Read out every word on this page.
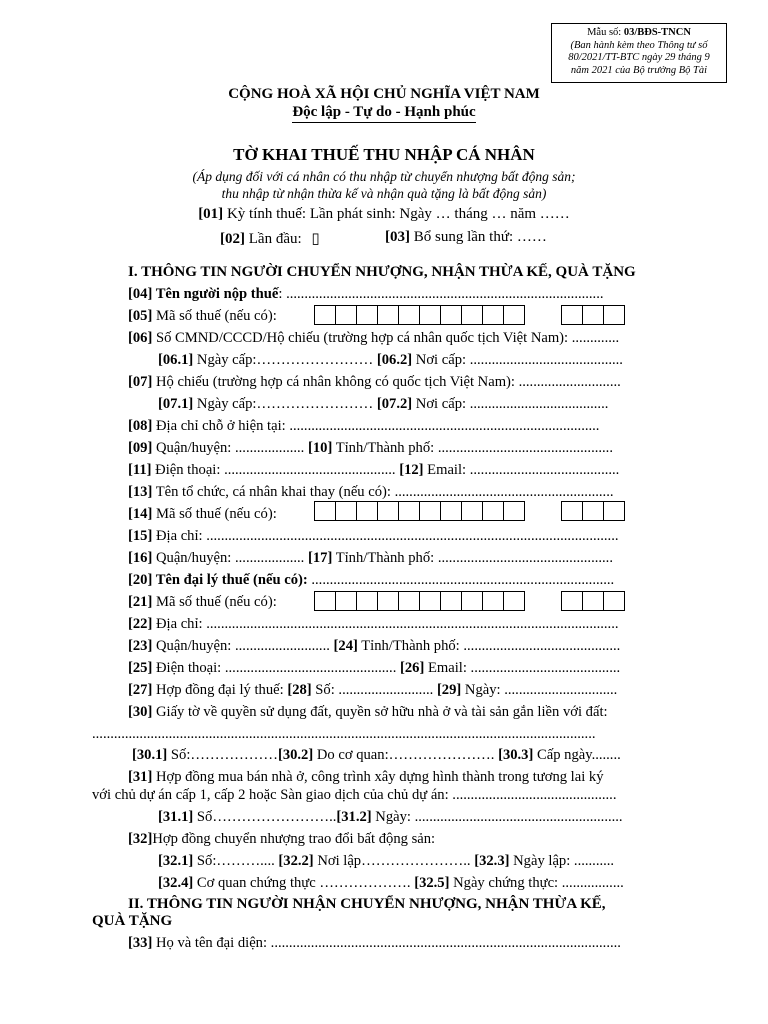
Mẫu số: 03/BĐS-TNCN
(Ban hành kèm theo Thông tư số
80/2021/TT-BTC ngày 29 tháng 9
năm 2021 của Bộ trưởng Bộ Tài
CỘNG HOÀ XÃ HỘI CHỦ NGHĨA VIỆT NAM
Độc lập - Tự do - Hạnh phúc
TỜ KHAI THUẾ THU NHẬP CÁ NHÂN
(Áp dụng đối với cá nhân có thu nhập từ chuyển nhượng bất động sản;
thu nhập từ nhận thừa kế và nhận quà tặng là bất động sản)
[01] Kỳ tính thuế: Lần phát sinh: Ngày … tháng … năm ……
[02] Lần đầu: ▯	[03] Bổ sung lần thứ: ……
I. THÔNG TIN NGƯỜI CHUYỂN NHƯỢNG, NHẬN THỪA KẾ, QUÀ TẶNG
[04] Tên người nộp thuế: .......................................................................................
[05] Mã số thuế (nếu có):
[06] Số CMND/CCCD/Hộ chiếu (trường hợp cá nhân quốc tịch Việt Nam): .............
[06.1] Ngày cấp:…………………… [06.2] Nơi cấp: ..........................................
[07] Hộ chiếu (trường hợp cá nhân không có quốc tịch Việt Nam): ............................
[07.1] Ngày cấp:…………………… [07.2] Nơi cấp: ......................................
[08] Địa chỉ chỗ ở hiện tại: .....................................................................................
[09] Quận/huyện: ................... [10] Tỉnh/Thành phố: ................................................
[11] Điện thoại: ............................................... [12] Email: .........................................
[13] Tên tổ chức, cá nhân khai thay (nếu có): ............................................................
[14] Mã số thuế (nếu có):
[15] Địa chỉ: .................................................................................................................
[16] Quận/huyện: ................... [17] Tỉnh/Thành phố: ................................................
[20] Tên đại lý thuế (nếu có): ...................................................................................
[21] Mã số thuế (nếu có):
[22] Địa chỉ: .................................................................................................................
[23] Quận/huyện: .......................... [24] Tỉnh/Thành phố: ...........................................
[25] Điện thoại: ............................................... [26] Email: .........................................
[27] Hợp đồng đại lý thuế: [28] Số: .......................... [29] Ngày: ...............................
[30] Giấy tờ về quyền sử dụng đất, quyền sở hữu nhà ở và tài sản gắn liền với đất:
..........................................................................................................................................
[30.1] Số:………………[30.2] Do cơ quan:…………………. [30.3] Cấp ngày........
[31] Hợp đồng mua bán nhà ở, công trình xây dựng hình thành trong tương lai ký
với chủ dự án cấp 1, cấp 2 hoặc Sàn giao dịch của chủ dự án: .............................................
[31.1] Số……………………..[31.2] Ngày: .........................................................
[32]Hợp đồng chuyển nhượng trao đổi bất động sản:
[32.1] Số:……….... [32.2] Nơi lập………………….. [32.3] Ngày lập: ...........
[32.4] Cơ quan chứng thực ………………. [32.5] Ngày chứng thực: .................
II. THÔNG TIN NGƯỜI NHẬN CHUYỂN NHƯỢNG, NHẬN THỪA KẾ,
QUÀ TẶNG
[33] Họ và tên đại diện: ................................................................................................
